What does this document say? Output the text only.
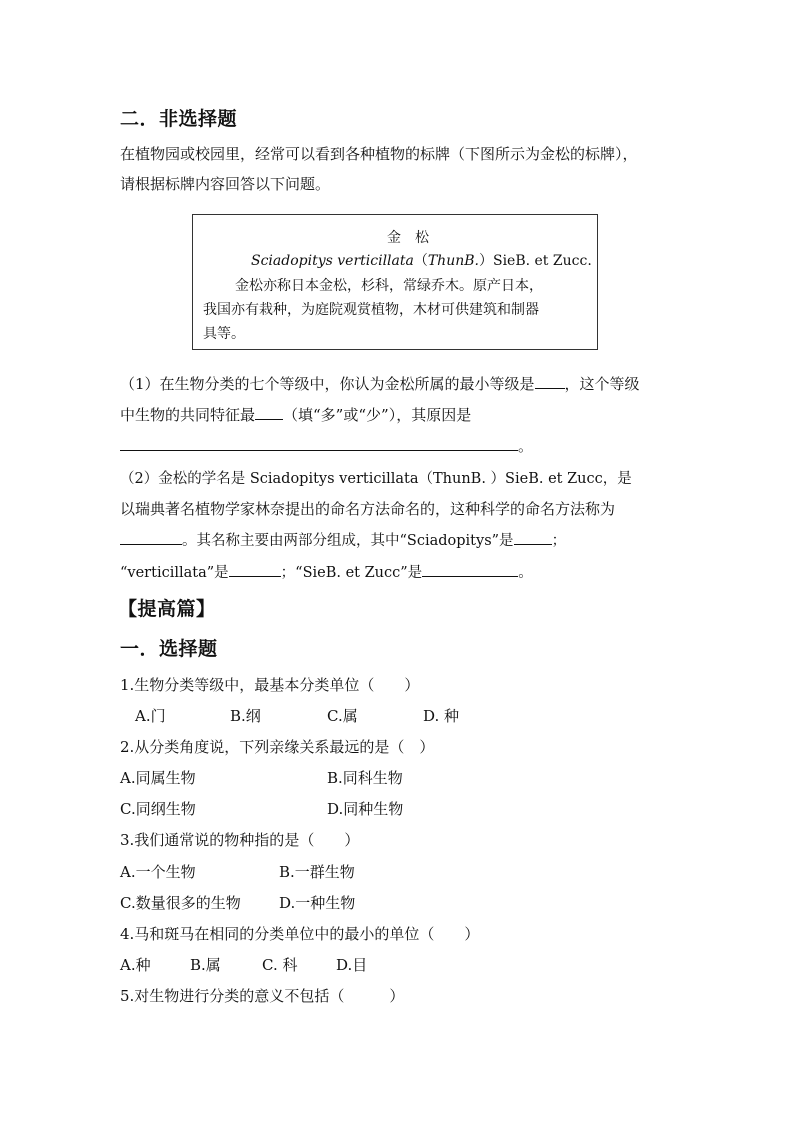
二．非选择题
在植物园或校园里，经常可以看到各种植物的标牌（下图所示为金松的标牌），
请根据标牌内容回答以下问题。
金　松
Sciadopitys verticillata（ThunB.）SieB. et Zucc.
金松亦称日本金松，杉科，常绿乔木。原产日本，
我国亦有栽种，为庭院观赏植物，木材可供建筑和制器
具等。
（1）在生物分类的七个等级中，你认为金松所属的最小等级是 ，这个等级
中生物的共同特征最 （填“多”或“少”），其原因是
。
（2）金松的学名是 Sciadopitys verticillata（ThunB. ）SieB. et Zucc，是
以瑞典著名植物学家林奈提出的命名方法命名的，这种科学的命名方法称为
。其名称主要由两部分组成，其中“Sciadopitys”是	；
“verticillata”是	；“SieB. et Zucc”是	。
【提高篇】
一．选择题
1.生物分类等级中，最基本分类单位（　　）
A.门	B.纲	C.属	D. 种
2.从分类角度说，下列亲缘关系最远的是（　）
A.同属生物	B.同科生物
C.同纲生物	D.同种生物
3.我们通常说的物种指的是（　　）
A.一个生物	B.一群生物
C.数量很多的生物	D.一种生物
4.马和斑马在相同的分类单位中的最小的单位（　　）
A.种	B.属	C. 科	D.目
5.对生物进行分类的意义不包括（　　　）
